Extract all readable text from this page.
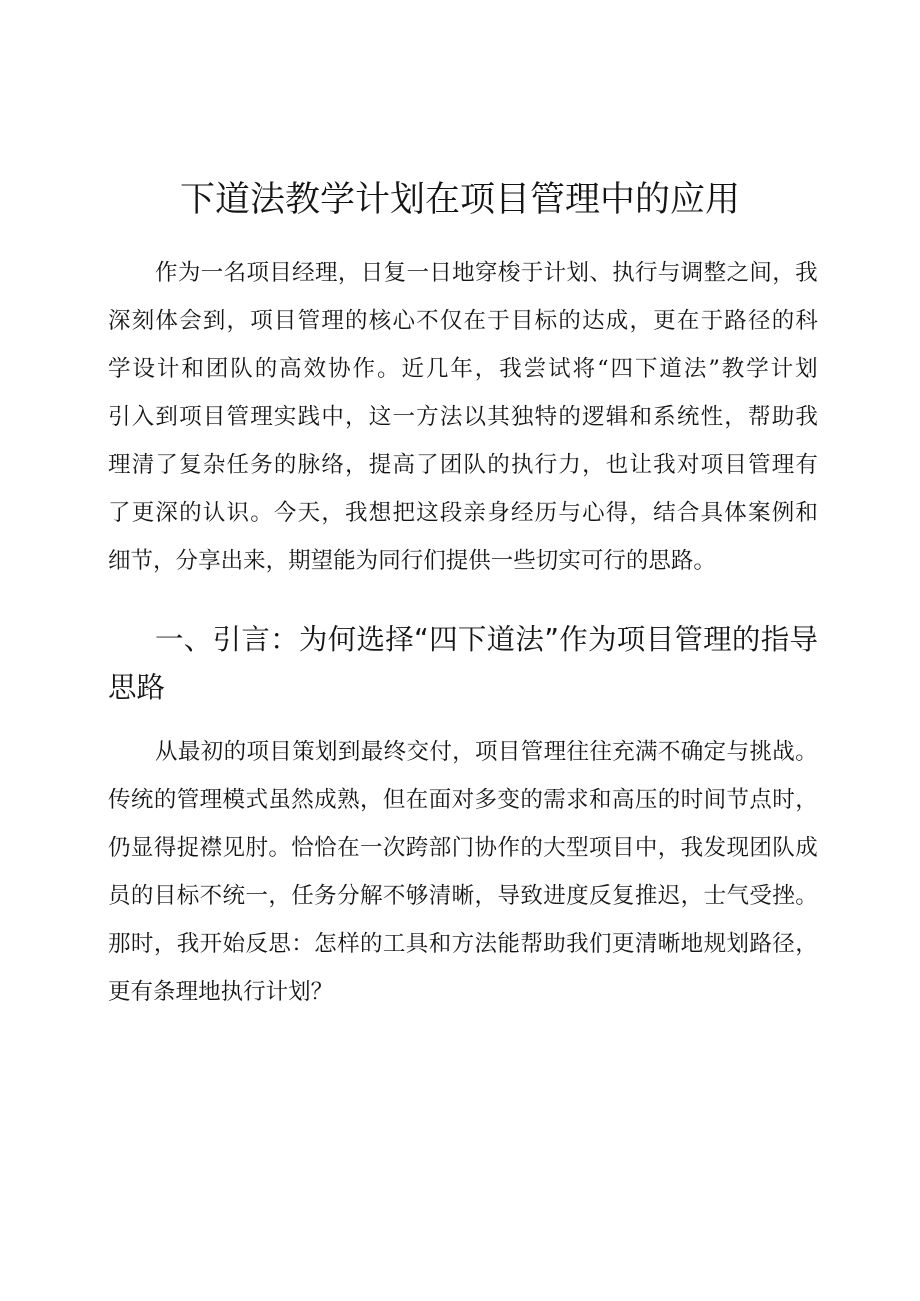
下道法教学计划在项目管理中的应用
作 为 一 名 项 目 经 理 ， 日 复 一 日 地 穿 梭 于 计 划 、 执 行 与 调 整 之 间 ， 我
深 刻 体 会 到 ， 项 目 管 理 的 核 心 不 仅 在 于 目 标 的 达 成 ， 更 在 于 路 径 的 科
学 设 计 和 团 队 的 高 效 协 作 。 近 几 年 ， 我 尝 试 将 “ 四 下 道 法 ” 教 学 计 划
引 入 到 项 目 管 理 实 践 中 ， 这 一 方 法 以 其 独 特 的 逻 辑 和 系 统 性 ， 帮 助 我
理 清 了 复 杂 任 务 的 脉 络 ， 提 高 了 团 队 的 执 行 力 ， 也 让 我 对 项 目 管 理 有
了 更 深 的 认 识 。 今 天 ， 我 想 把 这 段 亲 身 经 历 与 心 得 ， 结 合 具 体 案 例 和
细 节 ， 分 享 出 来 ， 期 望 能 为 同 行 们 提 供 一 些 切 实 可 行 的 思 路 。
一 、 引 言 ： 为 何 选 择 “ 四 下 道 法 ” 作 为 项 目 管 理 的 指 导
思 路
从 最 初 的 项 目 策 划 到 最 终 交 付 ， 项 目 管 理 往 往 充 满 不 确 定 与 挑 战 。
传 统 的 管 理 模 式 虽 然 成 熟 ， 但 在 面 对 多 变 的 需 求 和 高 压 的 时 间 节 点 时 ，
仍 显 得 捉 襟 见 肘 。 恰 恰 在 一 次 跨 部 门 协 作 的 大 型 项 目 中 ， 我 发 现 团 队 成
员 的 目 标 不 统 一 ， 任 务 分 解 不 够 清 晰 ， 导 致 进 度 反 复 推 迟 ， 士 气 受 挫 。
那 时 ， 我 开 始 反 思 ： 怎 样 的 工 具 和 方 法 能 帮 助 我 们 更 清 晰 地 规 划 路 径 ，
更 有 条 理 地 执 行 计 划 ？
